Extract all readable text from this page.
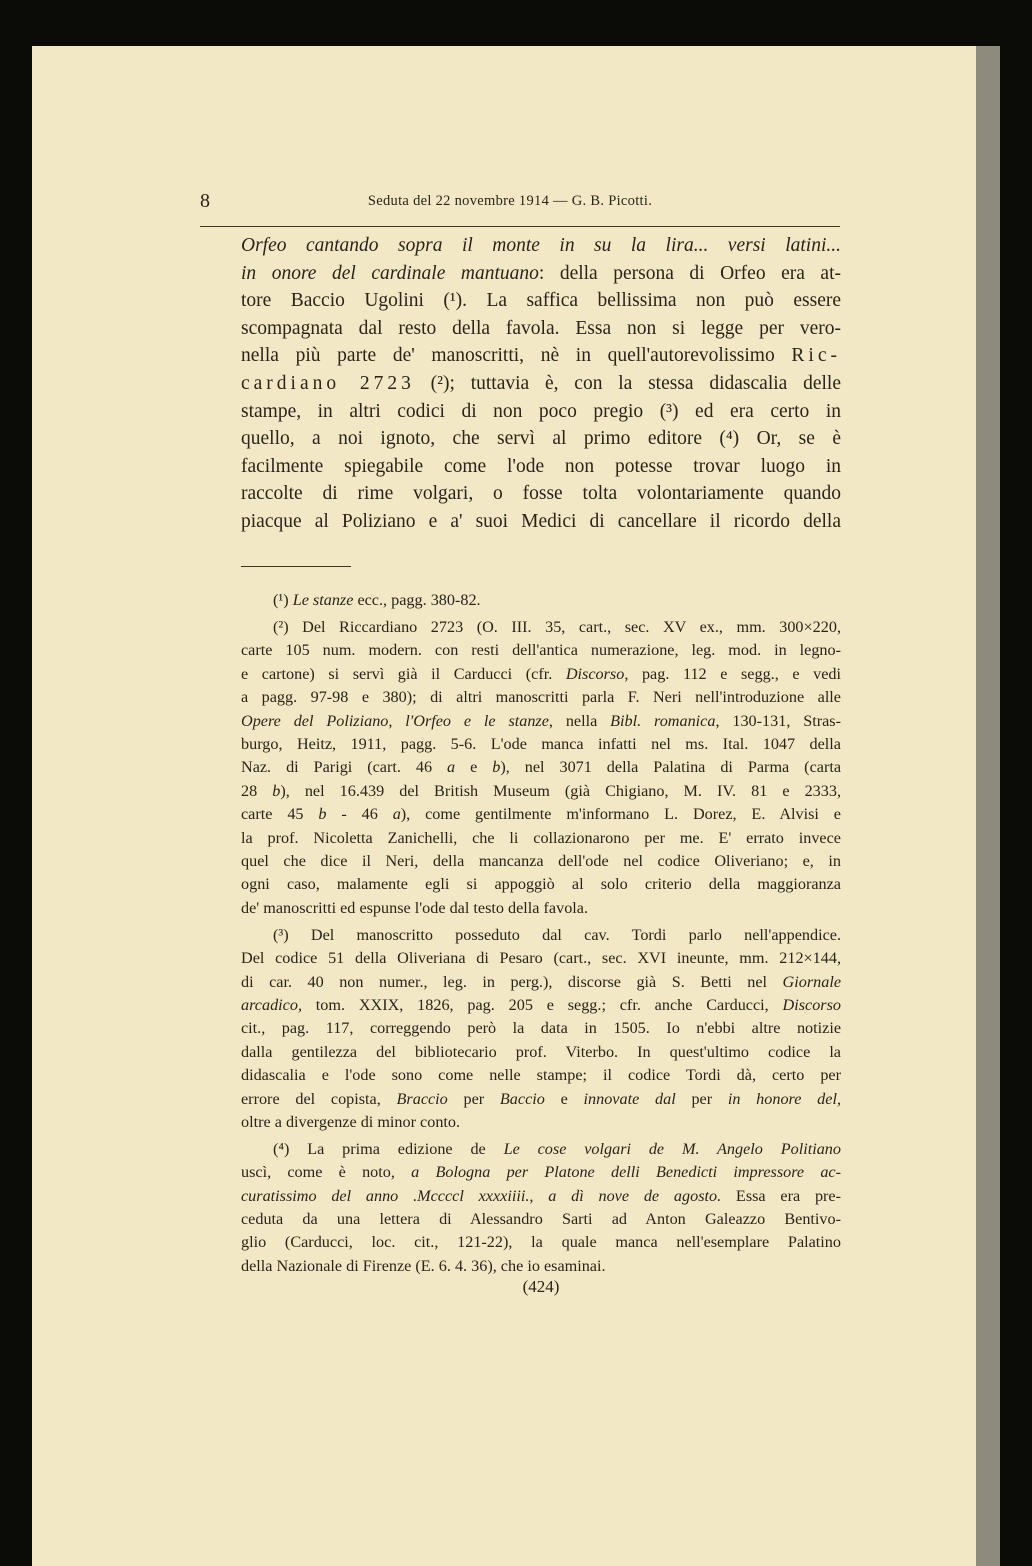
8	Seduta del 22 novembre 1914 — G. B. Picotti.
Orfeo cantando sopra il monte in su la lira... versi latini...
in onore del cardinale mantuano: della persona di Orfeo era at-
tore Baccio Ugolini (¹). La saffica bellissima non può essere
scompagnata dal resto della favola. Essa non si legge per vero-
nella più parte de' manoscritti, nè in quell'autorevolissimo Ric-
cardiano 2723 (²); tuttavia è, con la stessa didascalia delle
stampe, in altri codici di non poco pregio (³) ed era certo in
quello, a noi ignoto, che servì al primo editore (⁴) Or, se è
facilmente spiegabile come l'ode non potesse trovar luogo in
raccolte di rime volgari, o fosse tolta volontariamente quando
piacque al Poliziano e a' suoi Medici di cancellare il ricordo della
(¹) Le stanze ecc., pagg. 380-82.
(²) Del Riccardiano 2723 (O. III. 35, cart., sec. XV ex., mm. 300×220,
carte 105 num. modern. con resti dell'antica numerazione, leg. mod. in legno-
e cartone) si servì già il Carducci (cfr. Discorso, pag. 112 e segg., e vedi
a pagg. 97-98 e 380); di altri manoscritti parla F. Neri nell'introduzione alle
Opere del Poliziano, l'Orfeo e le stanze, nella Bibl. romanica, 130-131, Stras-
burgo, Heitz, 1911, pagg. 5-6. L'ode manca infatti nel ms. Ital. 1047 della
Naz. di Parigi (cart. 46 a e b), nel 3071 della Palatina di Parma (carta
28 b), nel 16.439 del British Museum (già Chigiano, M. IV. 81 e 2333,
carte 45 b - 46 a), come gentilmente m'informano L. Dorez, E. Alvisi e
la prof. Nicoletta Zanichelli, che li collazionarono per me. E' errato invece
quel che dice il Neri, della mancanza dell'ode nel codice Oliveriano; e, in
ogni caso, malamente egli si appoggiò al solo criterio della maggioranza
de' manoscritti ed espunse l'ode dal testo della favola.
(³) Del manoscritto posseduto dal cav. Tordi parlo nell'appendice.
Del codice 51 della Oliveriana di Pesaro (cart., sec. XVI ineunte, mm. 212×144,
di car. 40 non numer., leg. in perg.), discorse già S. Betti nel Giornale
arcadico, tom. XXIX, 1826, pag. 205 e segg.; cfr. anche Carducci, Discorso
cit., pag. 117, correggendo però la data in 1505. Io n'ebbi altre notizie
dalla gentilezza del bibliotecario prof. Viterbo. In quest'ultimo codice la
didascalia e l'ode sono come nelle stampe; il codice Tordi dà, certo per
errore del copista, Braccio per Baccio e innovate dal per in honore del,
oltre a divergenze di minor conto.
(⁴) La prima edizione de Le cose volgari de M. Angelo Politiano
uscì, come è noto, a Bologna per Platone delli Benedicti impressore ac-
curatissimo del anno .Mccccl xxxxiiii., a dì nove de agosto. Essa era pre-
ceduta da una lettera di Alessandro Sarti ad Anton Galeazzo Bentivo-
glio (Carducci, loc. cit., 121-22), la quale manca nell'esemplare Palatino
della Nazionale di Firenze (E. 6. 4. 36), che io esaminai.
(424)
